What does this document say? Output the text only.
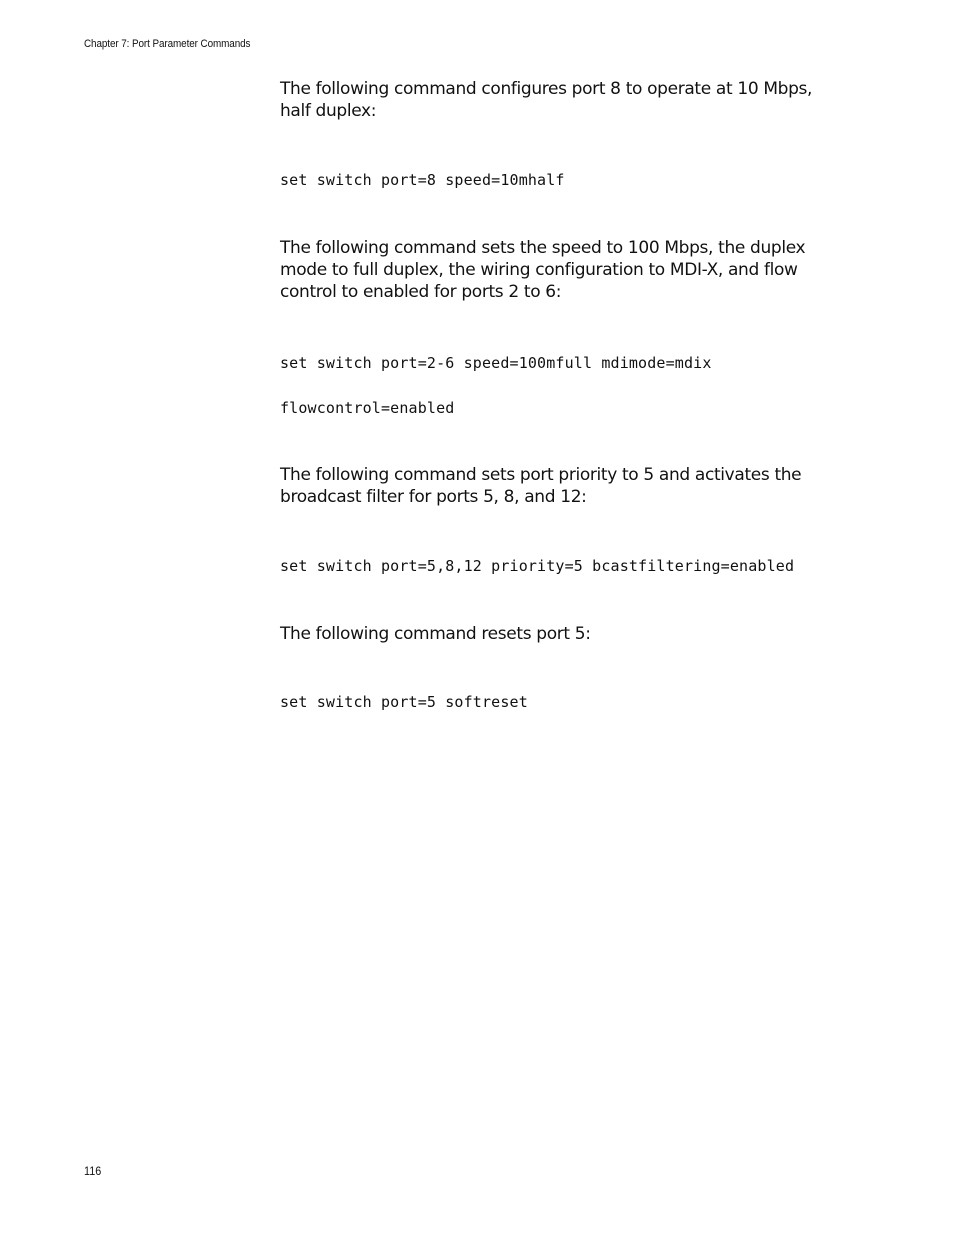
Chapter 7: Port Parameter Commands

The following command configures port 8 to operate at 10 Mbps, half duplex:

set switch port=8 speed=10mhalf

The following command sets the speed to 100 Mbps, the duplex mode to full duplex, the wiring configuration to MDI-X, and flow control to enabled for ports 2 to 6:

set switch port=2-6 speed=100mfull mdimode=mdix

flowcontrol=enabled

The following command sets port priority to 5 and activates the broadcast filter for ports 5, 8, and 12:

set switch port=5,8,12 priority=5 bcastfiltering=enabled

The following command resets port 5:

set switch port=5 softreset

116
